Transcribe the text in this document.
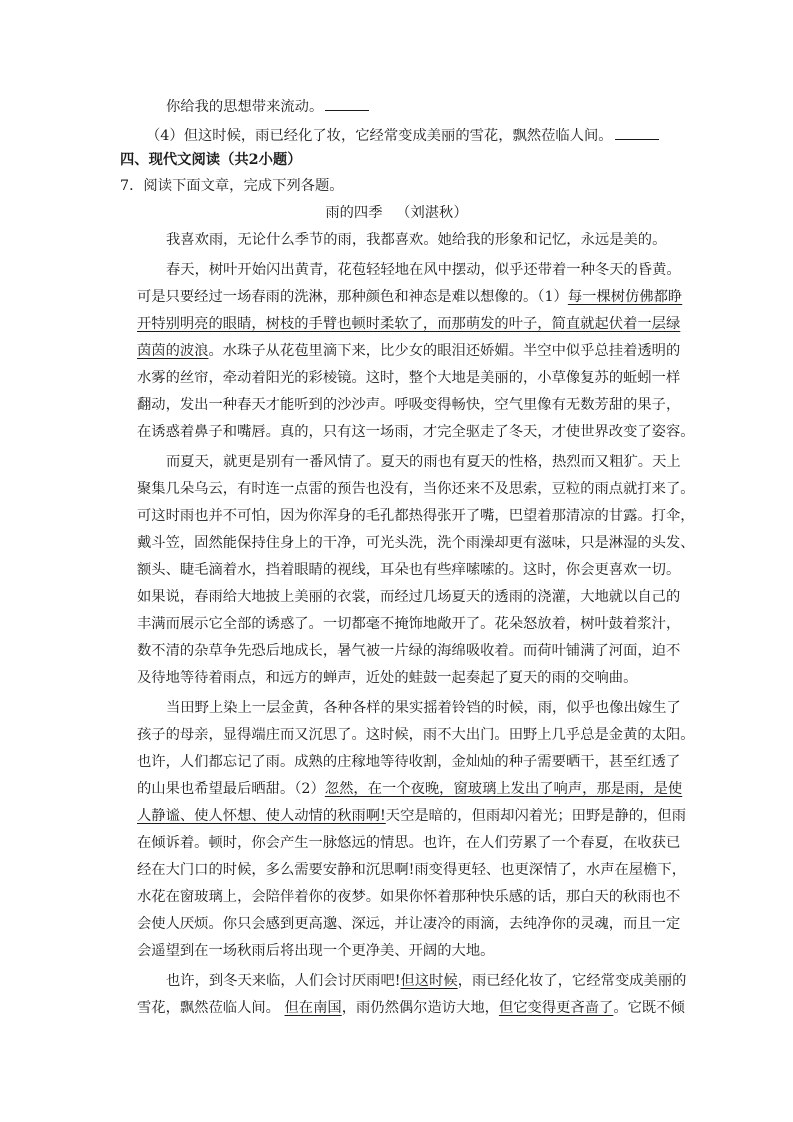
你给我的思想带来流动。
（4）但这时候，雨已经化了妆，它经常变成美丽的雪花，飘然莅临人间。
四、现代文阅读（共2小题）
7．阅读下面文章，完成下列各题。
雨的四季 （刘湛秋）
我喜欢雨，无论什么季节的雨，我都喜欢。她给我的形象和记忆，永远是美的。
春天，树叶开始闪出黄青，花苞轻轻地在风中摆动，似乎还带着一种冬天的昏黄。
可是只要经过一场春雨的洗淋，那种颜色和神态是难以想像的。（1）每一棵树仿佛都睁
开特别明亮的眼睛，树枝的手臂也顿时柔软了，而那萌发的叶子，简直就起伏着一层绿
茵茵的波浪。水珠子从花苞里滴下来，比少女的眼泪还娇媚。半空中似乎总挂着透明的
水雾的丝帘，牵动着阳光的彩棱镜。这时，整个大地是美丽的，小草像复苏的蚯蚓一样
翻动，发出一种春天才能听到的沙沙声。呼吸变得畅快，空气里像有无数芳甜的果子，
在诱惑着鼻子和嘴唇。真的，只有这一场雨，才完全驱走了冬天，才使世界改变了姿容。
而夏天，就更是别有一番风情了。夏天的雨也有夏天的性格，热烈而又粗犷。天上
聚集几朵乌云，有时连一点雷的预告也没有，当你还来不及思索，豆粒的雨点就打来了。
可这时雨也并不可怕，因为你浑身的毛孔都热得张开了嘴，巴望着那清凉的甘露。打伞，
戴斗笠，固然能保持住身上的干净，可光头洗，洗个雨澡却更有滋味，只是淋湿的头发、
额头、睫毛滴着水，挡着眼睛的视线，耳朵也有些痒嗦嗦的。这时，你会更喜欢一切。
如果说，春雨给大地披上美丽的衣裳，而经过几场夏天的透雨的浇灌，大地就以自己的
丰满而展示它全部的诱惑了。一切都毫不掩饰地敞开了。花朵怒放着，树叶鼓着浆汁，
数不清的杂草争先恐后地成长，暑气被一片绿的海绵吸收着。而荷叶铺满了河面，迫不
及待地等待着雨点，和远方的蝉声，近处的蛙鼓一起奏起了夏天的雨的交响曲。
当田野上染上一层金黄，各种各样的果实摇着铃铛的时候，雨，似乎也像出嫁生了
孩子的母亲，显得端庄而又沉思了。这时候，雨不大出门。田野上几乎总是金黄的太阳。
也许，人们都忘记了雨。成熟的庄稼地等待收割，金灿灿的种子需要晒干，甚至红透了
的山果也希望最后晒甜。（2）忽然，在一个夜晚，窗玻璃上发出了响声，那是雨，是使
人静谧、使人怀想、使人动情的秋雨啊!天空是暗的，但雨却闪着光；田野是静的，但雨
在倾诉着。顿时，你会产生一脉悠远的情思。也许，在人们劳累了一个春夏，在收获已
经在大门口的时候，多么需要安静和沉思啊!雨变得更轻、也更深情了，水声在屋檐下，
水花在窗玻璃上，会陪伴着你的夜梦。如果你怀着那种快乐感的话，那白天的秋雨也不
会使人厌烦。你只会感到更高邈、深远，并让凄冷的雨滴，去纯净你的灵魂，而且一定
会遥望到在一场秋雨后将出现一个更净美、开阔的大地。
也许，到冬天来临，人们会讨厌雨吧!但这时候，雨已经化妆了，它经常变成美丽的
雪花，飘然莅临人间。 但在南国，雨仍然偶尔造访大地，但它变得更吝啬了。它既不倾
